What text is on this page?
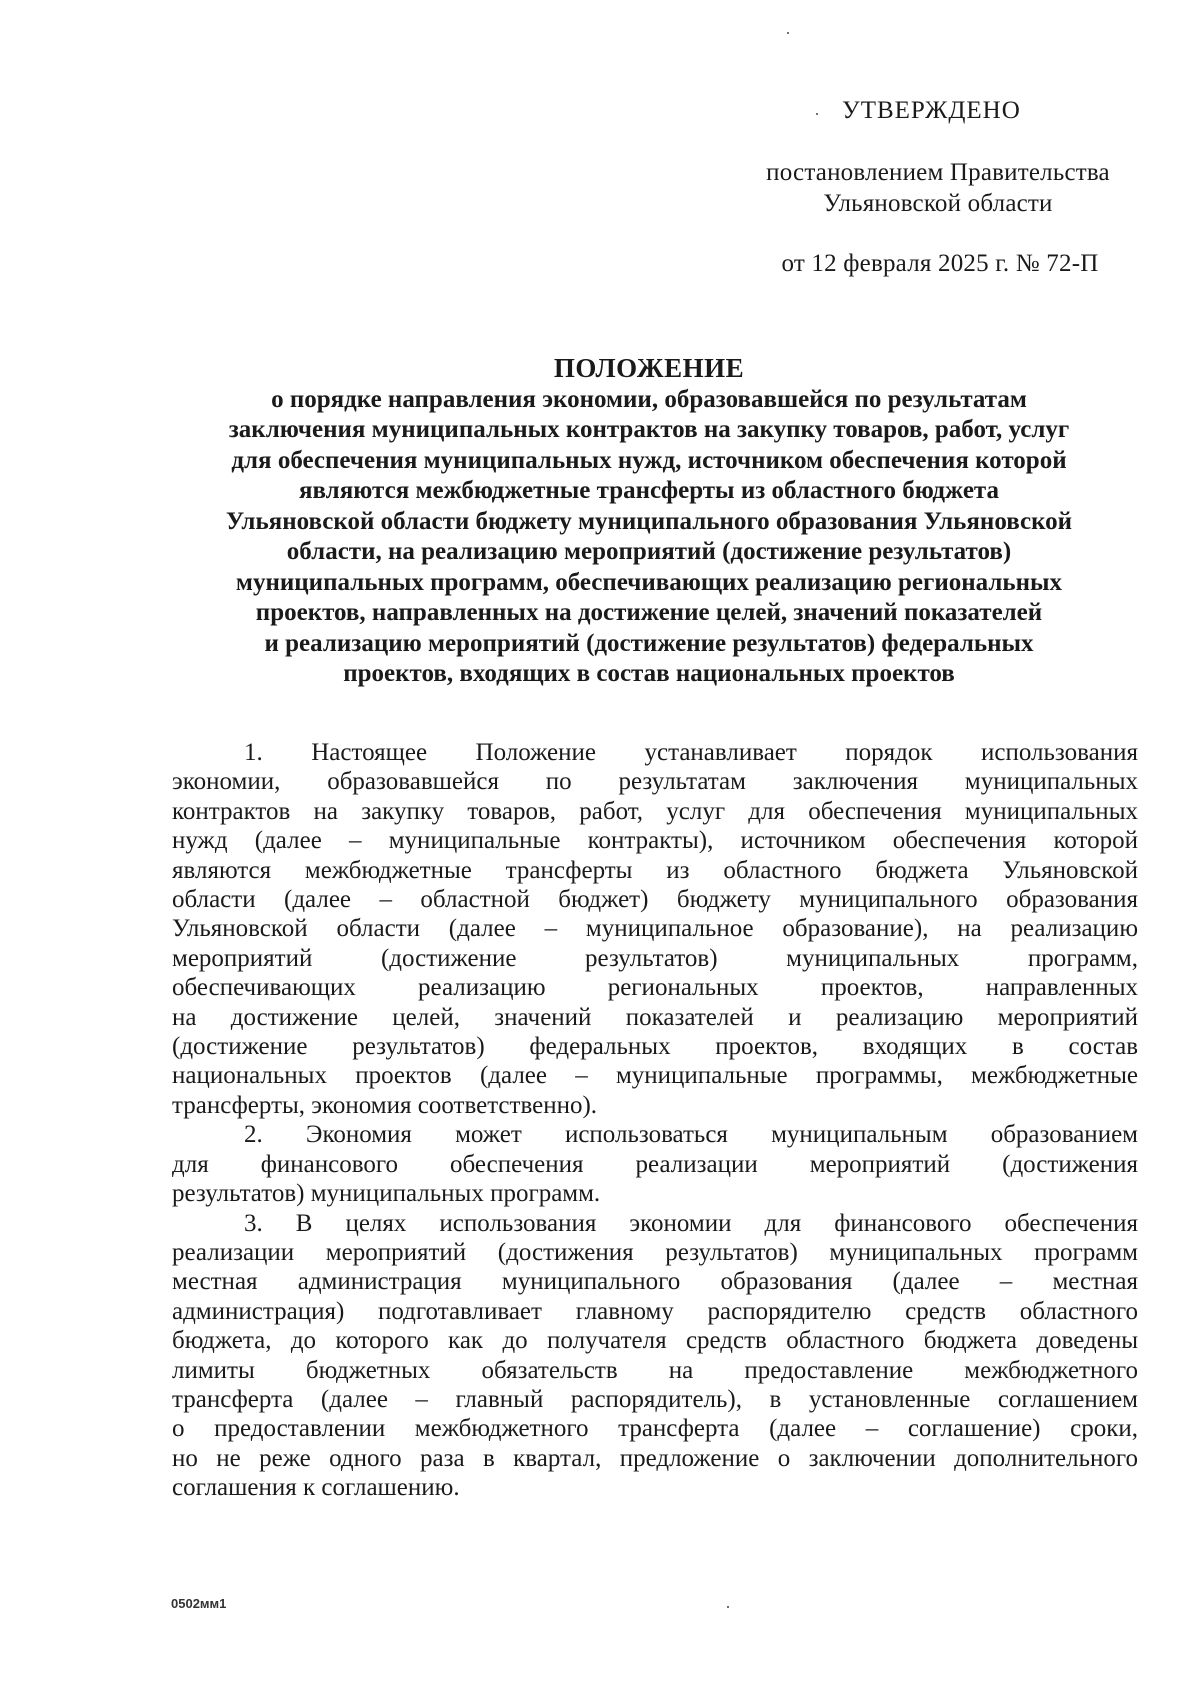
УТВЕРЖДЕНО
постановлением Правительства
Ульяновской области
от 12 февраля 2025 г. № 72-П
ПОЛОЖЕНИЕ
о порядке направления экономии, образовавшейся по результатам
заключения муниципальных контрактов на закупку товаров, работ, услуг
для обеспечения муниципальных нужд, источником обеспечения которой
являются межбюджетные трансферты из областного бюджета
Ульяновской области бюджету муниципального образования Ульяновской
области, на реализацию мероприятий (достижение результатов)
муниципальных программ, обеспечивающих реализацию региональных
проектов, направленных на достижение целей, значений показателей
и реализацию мероприятий (достижение результатов) федеральных
проектов, входящих в состав национальных проектов
1. Настоящее Положение устанавливает порядок использования
экономии, образовавшейся по результатам заключения муниципальных
контрактов на закупку товаров, работ, услуг для обеспечения муниципальных
нужд (далее – муниципальные контракты), источником обеспечения которой
являются межбюджетные трансферты из областного бюджета Ульяновской
области (далее – областной бюджет) бюджету муниципального образования
Ульяновской области (далее – муниципальное образование), на реализацию
мероприятий (достижение результатов) муниципальных программ,
обеспечивающих реализацию региональных проектов, направленных
на достижение целей, значений показателей и реализацию мероприятий
(достижение результатов) федеральных проектов, входящих в состав
национальных проектов (далее – муниципальные программы, межбюджетные
трансферты, экономия соответственно).
2. Экономия может использоваться муниципальным образованием
для финансового обеспечения реализации мероприятий (достижения
результатов) муниципальных программ.
3. В целях использования экономии для финансового обеспечения
реализации мероприятий (достижения результатов) муниципальных программ
местная администрация муниципального образования (далее – местная
администрация) подготавливает главному распорядителю средств областного
бюджета, до которого как до получателя средств областного бюджета доведены
лимиты бюджетных обязательств на предоставление межбюджетного
трансферта (далее – главный распорядитель), в установленные соглашением
о предоставлении межбюджетного трансферта (далее – соглашение) сроки,
но не реже одного раза в квартал, предложение о заключении дополнительного
соглашения к соглашению.
0502мм1
